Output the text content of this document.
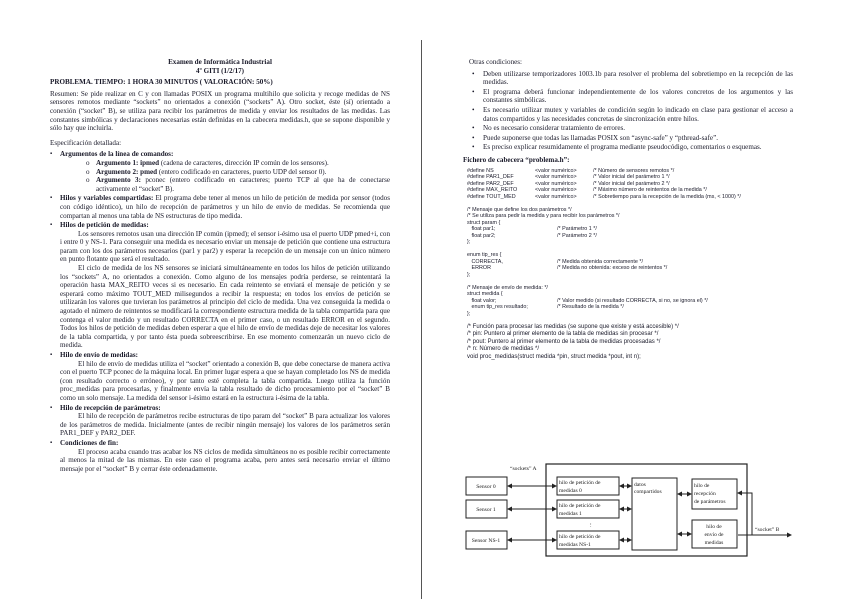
Examen de Informática Industrial
4º GITI (1/2/17)

PROBLEMA. TIEMPO: 1 HORA 30 MINUTOS ( VALORACIÓN: 50%)

Resumen: Se pide realizar en C y con llamadas POSIX un programa multihilo que solicita y recoge medidas de NS sensores remotos mediante “sockets” no orientados a conexión (“sockets” A). Otro socket, éste (sí) orientado a conexión (“socket” B), se utiliza para recibir los parámetros de medida y enviar los resultados de las medidas. Las constantes simbólicas y declaraciones necesarias están definidas en la cabecera medidas.h, que se supone disponible y sólo hay que incluirla.

Especificación detallada:

▪ Argumentos de la línea de comandos:
o Argumento 1: ipmed (cadena de caracteres, dirección IP común de los sensores).
o Argumento 2: pmed (entero codificado en caracteres, puerto UDP del sensor 0).
o Argumento 3: pconec (entero codificado en caracteres; puerto TCP al que ha de conectarse activamente el “socket” B).
▪ Hilos y variables compartidas: El programa debe tener al menos un hilo de petición de medida por sensor (todos con código idéntico), un hilo de recepción de parámetros y un hilo de envío de medidas. Se recomienda que compartan al menos una tabla de NS estructuras de tipo medida.
▪ Hilos de petición de medidas:

Los sensores remotos usan una dirección IP común (ipmed); el sensor i-ésimo usa el puerto UDP pmed+i, con i entre 0 y NS-1. Para conseguir una medida es necesario enviar un mensaje de petición que contiene una estructura param con los dos parámetros necesarios (par1 y par2) y esperar la recepción de un mensaje con un único número en punto flotante que será el resultado.

El ciclo de medida de los NS sensores se iniciará simultáneamente en todos los hilos de petición utilizando los “sockets” A, no orientados a conexión. Como alguno de los mensajes podría perderse, se reintentará la operación hasta MAX_REITO veces si es necesario. En cada reintento se enviará el mensaje de petición y se esperará como máximo TOUT_MED milisegundos a recibir la respuesta; en todos los envíos de petición se utilizarán los valores que tuvieran los parámetros al principio del ciclo de medida. Una vez conseguida la medida o agotado el número de reintentos se modificará la correspondiente estructura medida de la tabla compartida para que contenga el valor medido y un resultado CORRECTA en el primer caso, o un resultado ERROR en el segundo. Todos los hilos de petición de medidas deben esperar a que el hilo de envío de medidas deje de necesitar los valores de la tabla compartida, y por tanto ésta pueda sobreescribirse. En ese momento comenzarán un nuevo ciclo de medida.

▪ Hilo de envío de medidas:

El hilo de envío de medidas utiliza el “socket” orientado a conexión B, que debe conectarse de manera activa con el puerto TCP pconec de la máquina local. En primer lugar espera a que se hayan completado los NS de medida (con resultado correcto o erróneo), y por tanto esté completa la tabla compartida. Luego utiliza la función proc_medidas para procesarlas, y finalmente envía la tabla resultado de dicho procesamiento por el “socket” B como un solo mensaje. La medida del sensor i-ésimo estará en la estructura i-ésima de la tabla.

▪ Hilo de recepción de parámetros:

El hilo de recepción de parámetros recibe estructuras de tipo param del “socket” B para actualizar los valores de los parámetros de medida. Inicialmente (antes de recibir ningún mensaje) los valores de los parámetros serán PAR1_DEF y PAR2_DEF.

▪ Condiciones de fin:

El proceso acaba cuando tras acabar los NS ciclos de medida simultáneos no es posible recibir correctamente al menos la mitad de las mismas. En este caso el programa acaba, pero antes será necesario enviar el último mensaje por el “socket” B y cerrar éste ordenadamente.

Otras condiciones:
• Deben utilizarse temporizadores 1003.1b para resolver el problema del sobretiempo en la recepción de las medidas.
• El programa deberá funcionar independientemente de los valores concretos de los argumentos y las constantes simbólicas.
• Es necesario utilizar mutex y variables de condición según lo indicado en clase para gestionar el acceso a datos compartidos y las necesidades concretas de sincronización entre hilos.
• No es necesario considerar tratamiento de errores.
• Puede suponerse que todas las llamadas POSIX son “async-safe” y “pthread-safe”.
• Es preciso explicar resumidamente el programa mediante pseudocódigo, comentarios o esquemas.
Fichero de cabecera “problema.h”:
#define NS	<valor numérico>	/* Número de sensores remotos */
#define PAR1_DEF	<valor numérico>	/* Valor inicial del parámetro 1 */
#define PAR2_DEF	<valor numérico>	/* Valor inicial del parámetro 2 */
#define MAX_REITO	<valor numérico>	/* Máximo número de reintentos de la medida */
#define TOUT_MED	<valor numérico>	/* Sobretiempo para la recepción de la medida (ms, < 1000) */
/* Mensaje que define los dos parámetros */
/* Se utiliza para pedir la medida y para recibir los parámetros */
struct param {
float par1;	/* Parámetro 1 */
float par2;	/* Parámetro 2 */
};
enum tip_res {
CORRECTA,	/* Medida obtenida correctamente */
ERROR	/* Medida no obtenida: exceso de reintentos */
};
/* Mensaje de envío de medida: */
struct medida {
float valor;	/* Valor medido (si resultado CORRECTA, si no, se ignora el) */
enum tip_res resultado;	/* Resultado de la medida */
};
/* Función para procesar las medidas (se supone que existe y está accesible) */
/* pin: Puntero al primer elemento de la tabla de medidas sin procesar */
/* pout: Puntero al primer elemento de la tabla de medidas procesadas */
/* n: Número de medidas */
void proc_medidas(struct medida *pin, struct medida *pout, int n);
“sockets” A
“socket” B
Sensor 0
Sensor 1
Sensor NS-1
hilo de petición de medidas 0
hilo de petición de medidas 1
hilo de petición de medidas NS-1
⋮
datos compartidos
hilo de recepción de parámetros
hilo de envío de medidas
